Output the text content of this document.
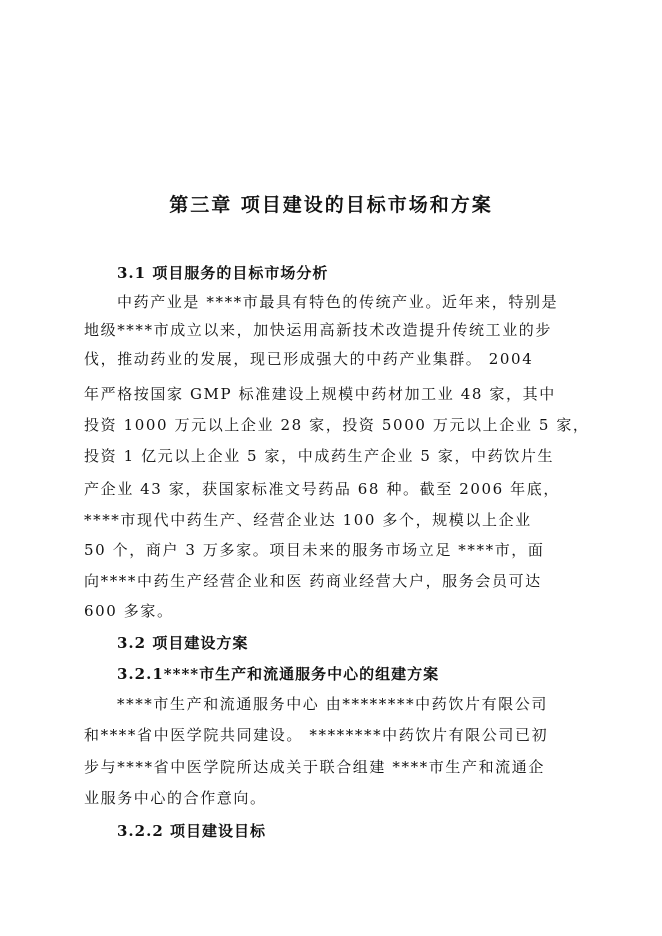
第三章 项目建设的目标市场和方案
3.1 项目服务的目标市场分析
中药产业是 ****市最具有特色的传统产业。近年来，特别是
地级****市成立以来，加快运用高新技术改造提升传统工业的步
伐，推动药业的发展，现已形成强大的中药产业集群。 2004
年严格按国家 GMP 标准建设上规模中药材加工业 48 家，其中
投资 1000 万元以上企业 28 家，投资 5000 万元以上企业 5 家，
投资 1 亿元以上企业 5 家，中成药生产企业 5 家，中药饮片生
产企业 43 家，获国家标准文号药品 68 种。截至 2006 年底，
****市现代中药生产、经营企业达 100 多个，规模以上企业
50 个，商户 3 万多家。项目未来的服务市场立足 ****市，面
向****中药生产经营企业和医 药商业经营大户，服务会员可达
600 多家。
3.2 项目建设方案
3.2.1****市生产和流通服务中心的组建方案
****市生产和流通服务中心 由********中药饮片有限公司
和****省中医学院共同建设。 ********中药饮片有限公司已初
步与****省中医学院所达成关于联合组建 ****市生产和流通企
业服务中心的合作意向。
3.2.2 项目建设目标
